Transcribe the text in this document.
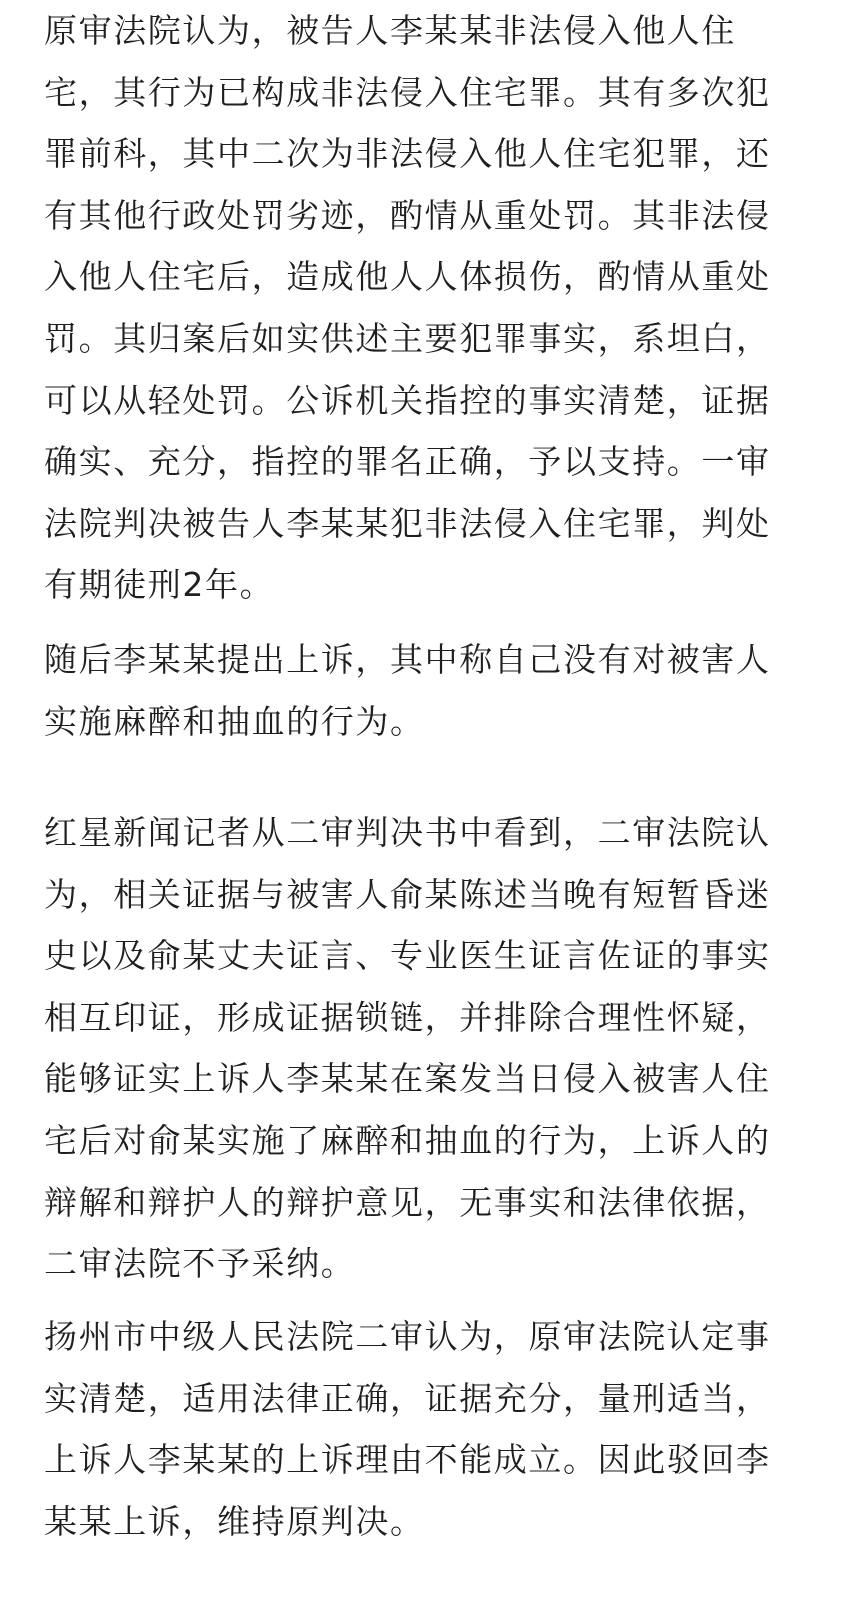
原审法院认为，被告人李某某非法侵入他人住
宅，其行为已构成非法侵入住宅罪。其有多次犯
罪前科，其中二次为非法侵入他人住宅犯罪，还
有其他行政处罚劣迹，酌情从重处罚。其非法侵
入他人住宅后，造成他人人体损伤，酌情从重处
罚。其归案后如实供述主要犯罪事实，系坦白，
可以从轻处罚。公诉机关指控的事实清楚，证据
确实、充分，指控的罪名正确，予以支持。一审
法院判决被告人李某某犯非法侵入住宅罪，判处
有期徒刑2年。

随后李某某提出上诉，其中称自己没有对被害人
实施麻醉和抽血的行为。

红星新闻记者从二审判决书中看到，二审法院认
为，相关证据与被害人俞某陈述当晚有短暂昏迷
史以及俞某丈夫证言、专业医生证言佐证的事实
相互印证，形成证据锁链，并排除合理性怀疑，
能够证实上诉人李某某在案发当日侵入被害人住
宅后对俞某实施了麻醉和抽血的行为，上诉人的
辩解和辩护人的辩护意见，无事实和法律依据，
二审法院不予采纳。

扬州市中级人民法院二审认为，原审法院认定事
实清楚，适用法律正确，证据充分，量刑适当，
上诉人李某某的上诉理由不能成立。因此驳回李
某某上诉，维持原判决。
